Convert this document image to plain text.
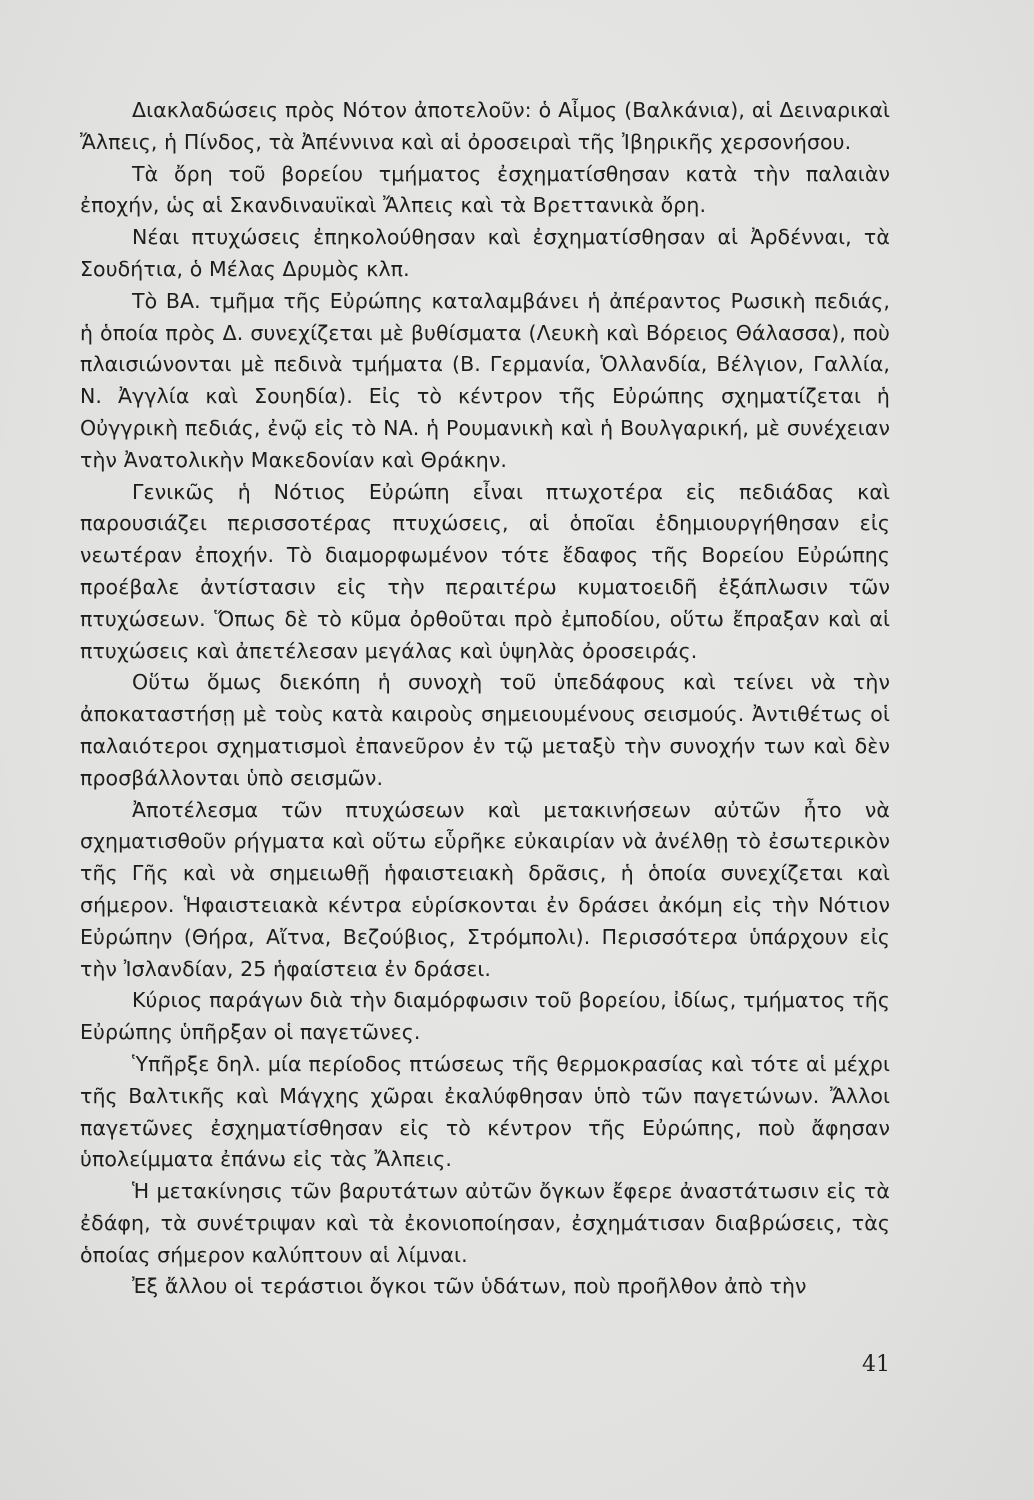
Διακλαδώσεις πρὸς Νότον ἀποτελοῦν: ὁ Αἶμος (Βαλκάνια), αἱ Δειναρικαὶ Ἄλπεις, ἡ Πίνδος, τὰ Ἀπέννινα καὶ αἱ ὀροσειραὶ τῆς Ἰβηρικῆς χερσονήσου.

Τὰ ὄρη τοῦ βορείου τμήματος ἐσχηματίσθησαν κατὰ τὴν παλαιὰν ἐποχήν, ὡς αἱ Σκανδιναυϊκαὶ Ἄλπεις καὶ τὰ Βρεττανικὰ ὄρη.

Νέαι πτυχώσεις ἐπηκολούθησαν καὶ ἐσχηματίσθησαν αἱ Ἀρδένναι, τὰ Σουδήτια, ὁ Μέλας Δρυμὸς κλπ.

Τὸ ΒΑ. τμῆμα τῆς Εὐρώπης καταλαμβάνει ἡ ἀπέραντος Ρωσικὴ πεδιάς, ἡ ὁποία πρὸς Δ. συνεχίζεται μὲ βυθίσματα (Λευκὴ καὶ Βόρειος Θάλασσα), ποὺ πλαισιώνονται μὲ πεδινὰ τμήματα (Β. Γερμανία, Ὁλλανδία, Βέλγιον, Γαλλία, Ν. Ἀγγλία καὶ Σουηδία). Εἰς τὸ κέντρον τῆς Εὐρώπης σχηματίζεται ἡ Οὐγγρικὴ πεδιάς, ἐνῷ εἰς τὸ ΝΑ. ἡ Ρουμανικὴ καὶ ἡ Βουλγαρική, μὲ συνέχειαν τὴν Ἀνατολικὴν Μακεδονίαν καὶ Θράκην.

Γενικῶς ἡ Νότιος Εὐρώπη εἶναι πτωχοτέρα εἰς πεδιάδας καὶ παρουσιάζει περισσοτέρας πτυχώσεις, αἱ ὁποῖαι ἐδημιουργήθησαν εἰς νεωτέραν ἐποχήν. Τὸ διαμορφωμένον τότε ἔδαφος τῆς Βορείου Εὐρώπης προέβαλε ἀντίστασιν εἰς τὴν περαιτέρω κυματοειδῆ ἐξάπλωσιν τῶν πτυχώσεων. Ὅπως δὲ τὸ κῦμα ὀρθοῦται πρὸ ἐμποδίου, οὕτω ἔπραξαν καὶ αἱ πτυχώσεις καὶ ἀπετέλεσαν μεγάλας καὶ ὑψηλὰς ὀροσειράς.

Οὕτω ὅμως διεκόπη ἡ συνοχὴ τοῦ ὑπεδάφους καὶ τείνει νὰ τὴν ἀποκαταστήσῃ μὲ τοὺς κατὰ καιροὺς σημειουμένους σεισμούς. Ἀντιθέτως οἱ παλαιότεροι σχηματισμοὶ ἐπανεῦρον ἐν τῷ μεταξὺ τὴν συνοχήν των καὶ δὲν προσβάλλονται ὑπὸ σεισμῶν.

Ἀποτέλεσμα τῶν πτυχώσεων καὶ μετακινήσεων αὐτῶν ἦτο νὰ σχηματισθοῦν ρήγματα καὶ οὕτω εὗρῆκε εὐκαιρίαν νὰ ἀνέλθῃ τὸ ἐσωτερικὸν τῆς Γῆς καὶ νὰ σημειωθῇ ἡφαιστειακὴ δρᾶσις, ἡ ὁποία συνεχίζεται καὶ σήμερον. Ἡφαιστειακὰ κέντρα εὑρίσκονται ἐν δράσει ἀκόμη εἰς τὴν Νότιον Εὐρώπην (Θήρα, Αἴτνα, Βεζούβιος, Στρόμπολι). Περισσότερα ὑπάρχουν εἰς τὴν Ἰσλανδίαν, 25 ἡφαίστεια ἐν δράσει.

Κύριος παράγων διὰ τὴν διαμόρφωσιν τοῦ βορείου, ἰδίως, τμήματος τῆς Εὐρώπης ὑπῆρξαν οἱ παγετῶνες.

Ὑπῆρξε δηλ. μία περίοδος πτώσεως τῆς θερμοκρασίας καὶ τότε αἱ μέχρι τῆς Βαλτικῆς καὶ Μάγχης χῶραι ἐκαλύφθησαν ὑπὸ τῶν παγετώνων. Ἄλλοι παγετῶνες ἐσχηματίσθησαν εἰς τὸ κέντρον τῆς Εὐρώπης, ποὺ ἄφησαν ὑπολείμματα ἐπάνω εἰς τὰς Ἄλπεις.

Ἡ μετακίνησις τῶν βαρυτάτων αὐτῶν ὄγκων ἔφερε ἀναστάτωσιν εἰς τὰ ἐδάφη, τὰ συνέτριψαν καὶ τὰ ἐκονιοποίησαν, ἐσχημάτισαν διαβρώσεις, τὰς ὁποίας σήμερον καλύπτουν αἱ λίμναι.

Ἐξ ἄλλου οἱ τεράστιοι ὄγκοι τῶν ὑδάτων, ποὺ προῆλθον ἀπὸ τὴν

41
